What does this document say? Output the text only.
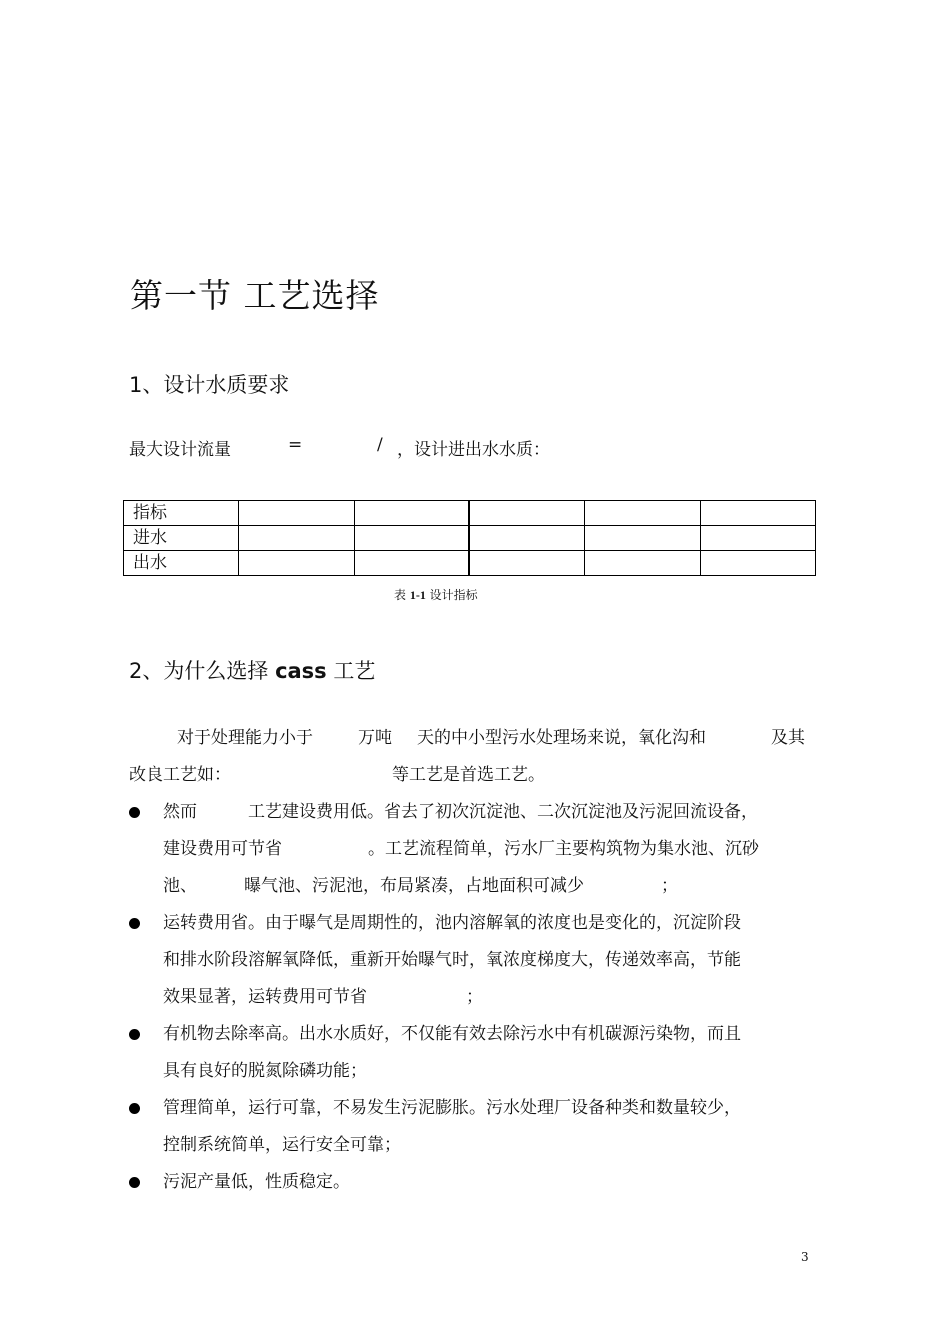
第一节 工艺选择
1、设计水质要求
最大设计流量	=	/ ，设计进出水水质：
指标					
进水					
出水					
表 1-1 设计指标
2、为什么选择 cass 工艺
对于处理能力小于	万吨 天的中小型污水处理场来说，氧化沟和	及其
改良工艺如：	等工艺是首选工艺。
然而	工艺建设费用低。省去了初次沉淀池、二次沉淀池及污泥回流设备，
建设费用可节省	。工艺流程简单，污水厂主要构筑物为集水池、沉砂
池、	曝气池、污泥池，布局紧凑，占地面积可减少	；
运转费用省。由于曝气是周期性的，池内溶解氧的浓度也是变化的，沉淀阶段
和排水阶段溶解氧降低，重新开始曝气时，氧浓度梯度大，传递效率高，节能
效果显著，运转费用可节省	；
有机物去除率高。出水水质好，不仅能有效去除污水中有机碳源污染物，而且
具有良好的脱氮除磷功能；
管理简单，运行可靠，不易发生污泥膨胀。污水处理厂设备种类和数量较少，
控制系统简单，运行安全可靠；
污泥产量低，性质稳定。
3
